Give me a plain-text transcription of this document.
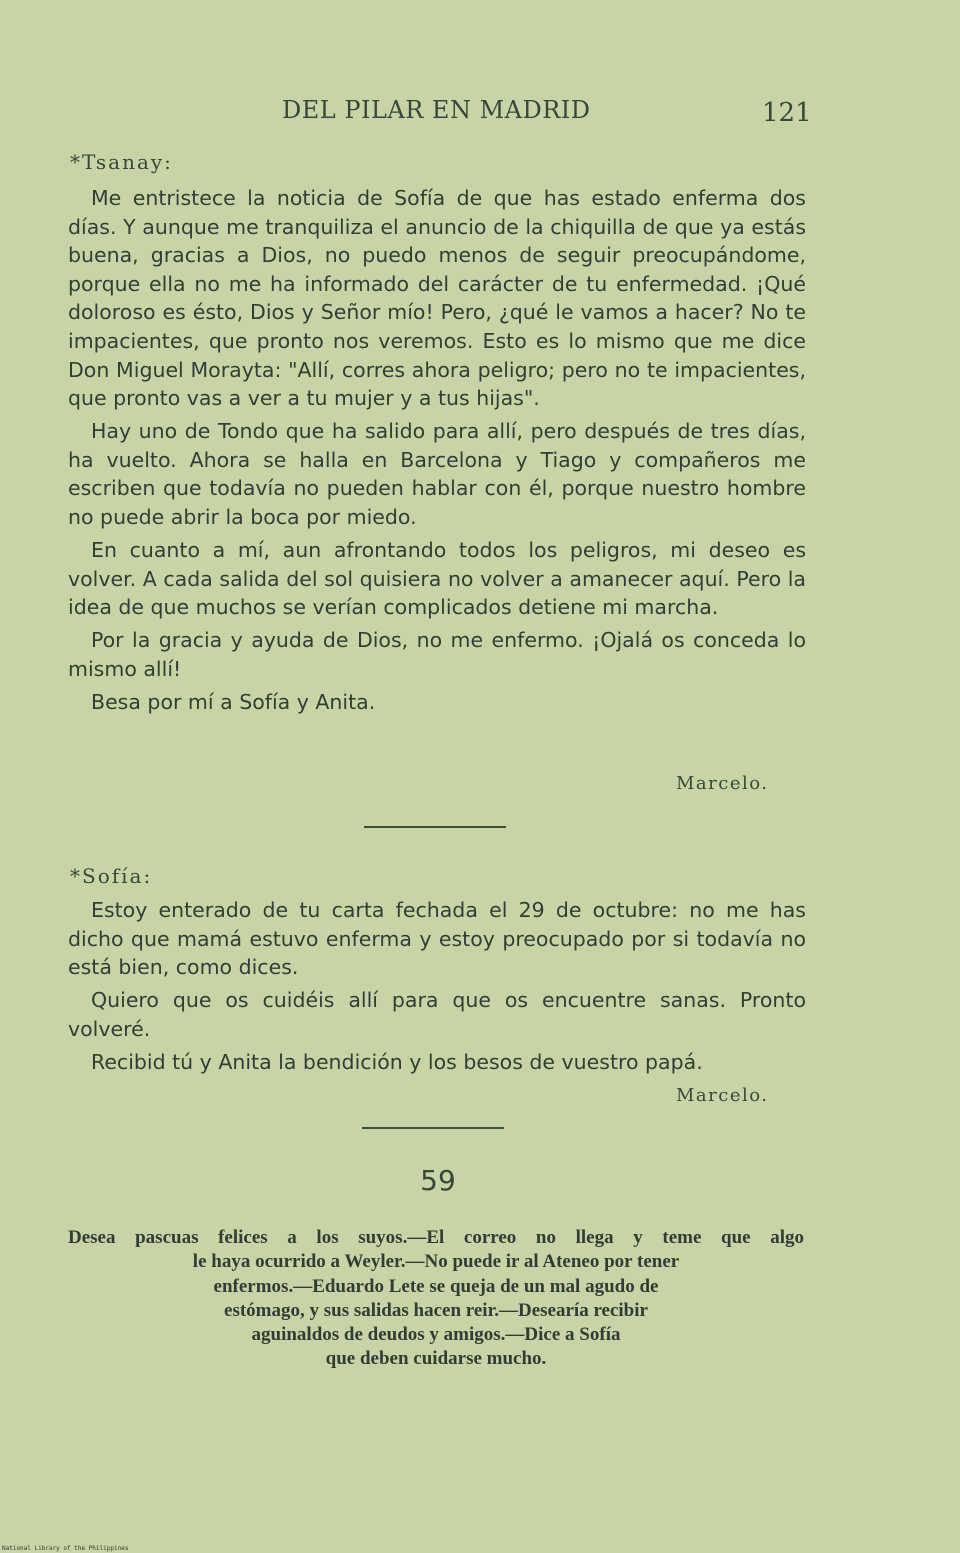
DEL PILAR EN MADRID	121
*Tsanay:

Me entristece la noticia de Sofía de que has estado enferma dos días. Y aunque me tranquiliza el anuncio de la chiquilla de que ya estás buena, gracias a Dios, no puedo menos de seguir preocupándome, porque ella no me ha informado del carácter de tu enfermedad. ¡Qué doloroso es ésto, Dios y Señor mío! Pero, ¿qué le vamos a hacer? No te impacientes, que pronto nos veremos. Esto es lo mismo que me dice Don Miguel Morayta: "Allí, corres ahora peligro; pero no te impacientes, que pronto vas a ver a tu mujer y a tus hijas".

Hay uno de Tondo que ha salido para allí, pero después de tres días, ha vuelto. Ahora se halla en Barcelona y Tiago y compañeros me escriben que todavía no pueden hablar con él, porque nuestro hombre no puede abrir la boca por miedo.

En cuanto a mí, aun afrontando todos los peligros, mi deseo es volver. A cada salida del sol quisiera no volver a amanecer aquí. Pero la idea de que muchos se verían complicados detiene mi marcha.

Por la gracia y ayuda de Dios, no me enfermo. ¡Ojalá os conceda lo mismo allí!

Besa por mí a Sofía y Anita.

Marcelo.
*Sofía:

Estoy enterado de tu carta fechada el 29 de octubre: no me has dicho que mamá estuvo enferma y estoy preocupado por si todavía no está bien, como dices.

Quiero que os cuidéis allí para que os encuentre sanas. Pronto volveré.

Recibid tú y Anita la bendición y los besos de vuestro papá.

Marcelo.
59
Desea pascuas felices a los suyos.—El correo no llega y teme que algo
le haya ocurrido a Weyler.—No puede ir al Ateneo por tener
enfermos.—Eduardo Lete se queja de un mal agudo de
estómago, y sus salidas hacen reir.—Desearía recibir
aguinaldos de deudos y amigos.—Dice a Sofía
que deben cuidarse mucho.
National Library of the Philippines
